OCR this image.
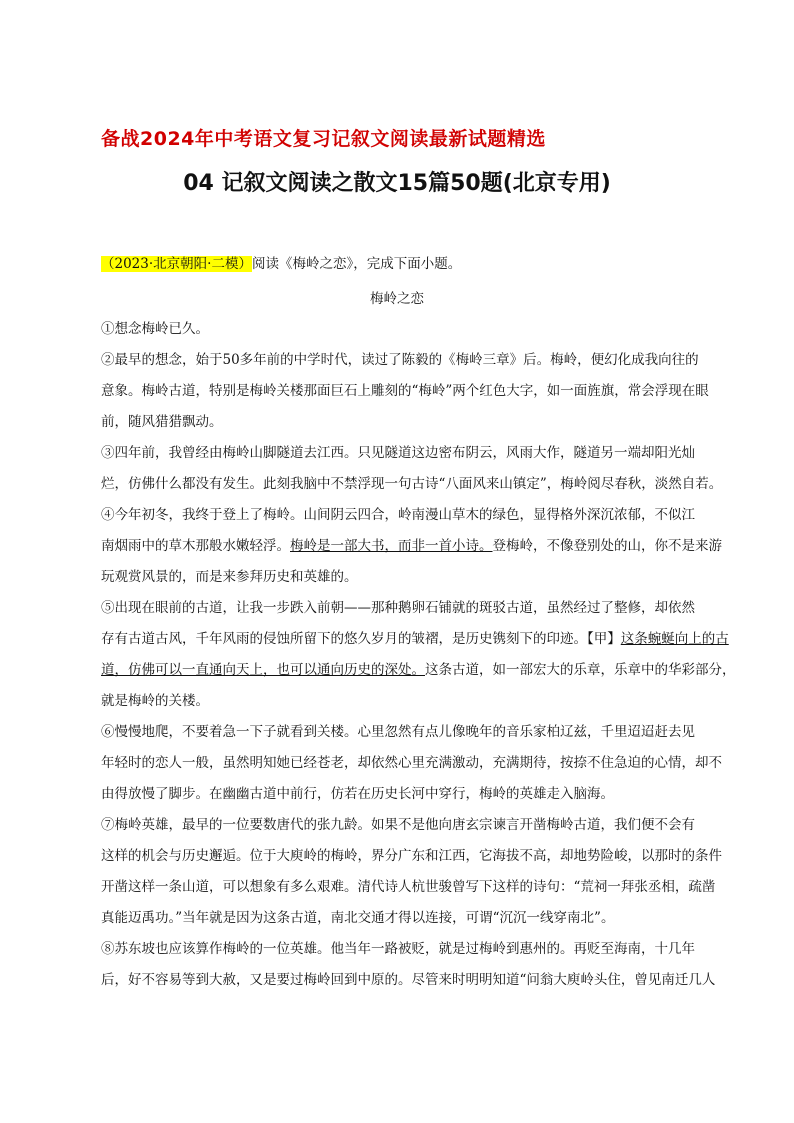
备战2024年中考语文复习记叙文阅读最新试题精选
04 记叙文阅读之散文15篇50题(北京专用)
（2023·北京朝阳·二模）阅读《梅岭之恋》，完成下面小题。
梅岭之恋

①想念梅岭已久。

②最早的想念，始于50多年前的中学时代，读过了陈毅的《梅岭三章》后。梅岭，便幻化成我向往的
意象。梅岭古道，特别是梅岭关楼那面巨石上雕刻的“梅岭”两个红色大字，如一面旌旗，常会浮现在眼
前，随风猎猎飘动。

③四年前，我曾经由梅岭山脚隧道去江西。只见隧道这边密布阴云，风雨大作，隧道另一端却阳光灿
烂，仿佛什么都没有发生。此刻我脑中不禁浮现一句古诗“八面风来山镇定”，梅岭阅尽春秋，淡然自若。

④今年初冬，我终于登上了梅岭。山间阴云四合，岭南漫山草木的绿色，显得格外深沉浓郁，不似江
南烟雨中的草木那般水嫩轻浮。梅岭是一部大书，而非一首小诗。登梅岭，不像登别处的山，你不是来游
玩观赏风景的，而是来参拜历史和英雄的。

⑤出现在眼前的古道，让我一步跌入前朝——那种鹅卵石铺就的斑驳古道，虽然经过了整修，却依然
存有古道古风，千年风雨的侵蚀所留下的悠久岁月的皱褶，是历史镌刻下的印迹。【甲】这条蜿蜒向上的古
道，仿佛可以一直通向天上，也可以通向历史的深处。这条古道，如一部宏大的乐章，乐章中的华彩部分，
就是梅岭的关楼。

⑥慢慢地爬，不要着急一下子就看到关楼。心里忽然有点儿像晚年的音乐家柏辽兹，千里迢迢赶去见
年轻时的恋人一般，虽然明知她已经苍老，却依然心里充满激动，充满期待，按捺不住急迫的心情，却不
由得放慢了脚步。在幽幽古道中前行，仿若在历史长河中穿行，梅岭的英雄走入脑海。

⑦梅岭英雄，最早的一位要数唐代的张九龄。如果不是他向唐玄宗谏言开凿梅岭古道，我们便不会有
这样的机会与历史邂逅。位于大庾岭的梅岭，界分广东和江西，它海拔不高，却地势险峻，以那时的条件
开凿这样一条山道，可以想象有多么艰难。清代诗人杭世骏曾写下这样的诗句：“荒祠一拜张丞相，疏凿
真能迈禹功。”当年就是因为这条古道，南北交通才得以连接，可谓“沉沉一线穿南北”。

⑧苏东坡也应该算作梅岭的一位英雄。他当年一路被贬，就是过梅岭到惠州的。再贬至海南，十几年
后，好不容易等到大赦，又是要过梅岭回到中原的。尽管来时明明知道“问翁大庾岭头住，曾见南迁几人
